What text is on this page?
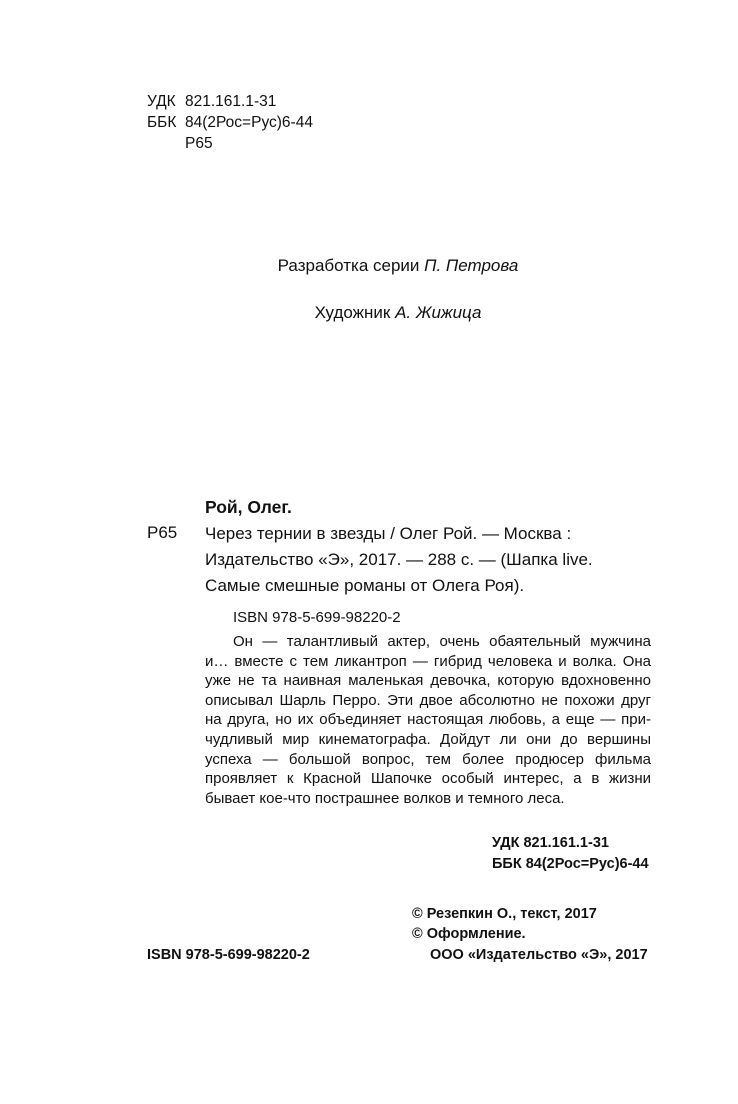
УДК 821.161.1-31
ББК 84(2Рос=Рус)6-44
Р65
Разработка серии П. Петрова
Художник А. Жижица
Рой, Олег.
Р65 Через тернии в звезды / Олег Рой. — Москва :
Издательство «Э», 2017. — 288 с. — (Шапка live.
Самые смешные романы от Олега Роя).
ISBN 978-5-699-98220-2
Он — талантливый актер, очень обаятельный мужчина
и… вместе с тем ликантроп — гибрид человека и волка. Она
уже не та наивная маленькая девочка, которую вдохновенно
описывал Шарль Перро. Эти двое абсолютно не похожи друг
на друга, но их объединяет настоящая любовь, а еще — при-
чудливый мир кинематографа. Дойдут ли они до вершины
успеха — большой вопрос, тем более продюсер фильма
проявляет к Красной Шапочке особый интерес, а в жизни
бывает кое-что пострашнее волков и темного леса.
УДК 821.161.1-31
ББК 84(2Рос=Рус)6-44
© Резепкин О., текст, 2017
© Оформление.
ООО «Издательство «Э», 2017
ISBN 978-5-699-98220-2
